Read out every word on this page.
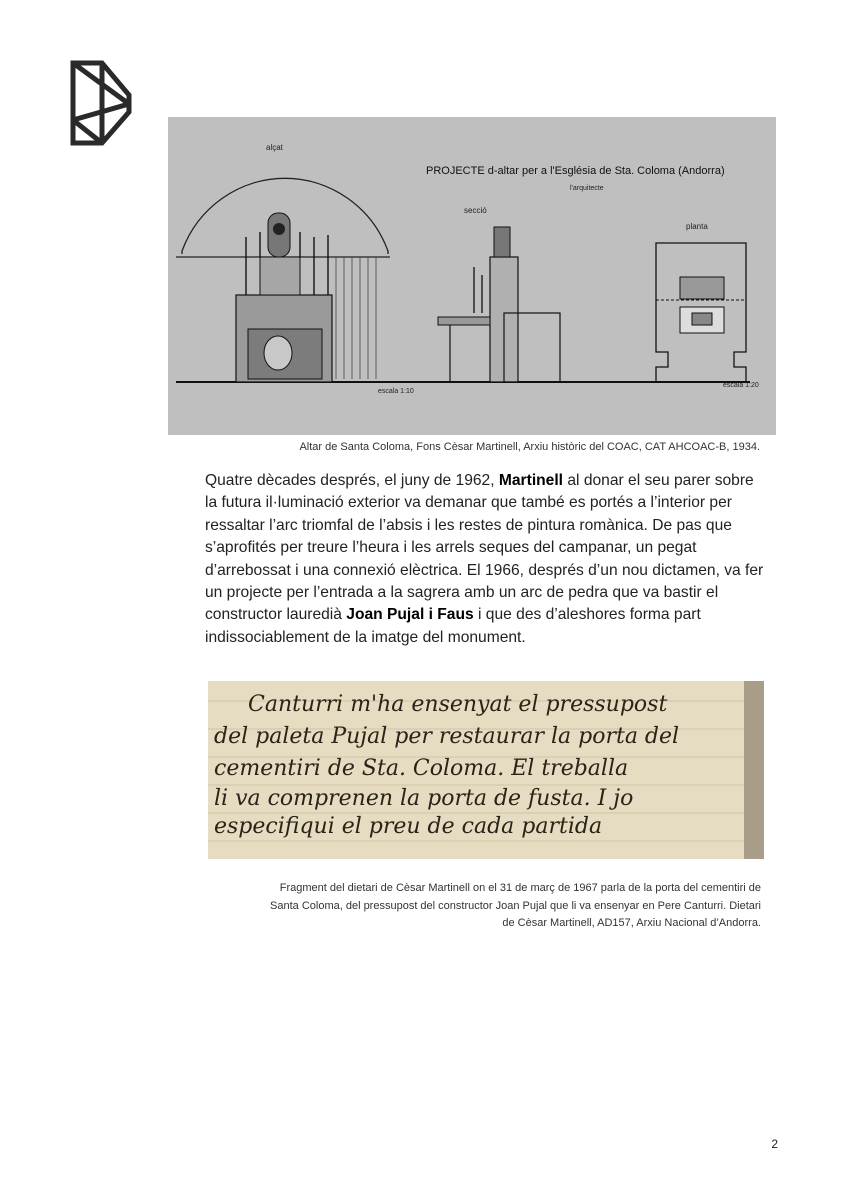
PROJECTE d-altar per a l'Església de Sta. Coloma (Andorra)
l'arquitecte
alçat
secció
planta
escala 1:10
escala 1:20
Altar de Santa Coloma, Fons Cèsar Martinell, Arxiu històric del COAC, CAT AHCOAC-B, 1934.
Quatre dècades després, el juny de 1962, Martinell al donar el seu parer sobre la futura il·luminació exterior va demanar que també es portés a l’interior per ressaltar l’arc triomfal de l’absis i les restes de pintura romànica. De pas que s’aprofités per treure l’heura i les arrels seques del campanar, un pegat d’arrebossat i una connexió elèctrica. El 1966, després d’un nou dictamen, va fer un projecte per l’entrada a la sagrera amb un arc de pedra que va bastir el constructor lauredià Joan Pujal i Faus i que des d’aleshores forma part indissociablement de la imatge del monument.
Canturri m'ha ensenyat el pressupost
del paleta Pujal per restaurar la porta del
cementiri de Sta. Coloma. El treballa
li va comprenen la porta de fusta. I jo
especifiqui el preu de cada partida
Fragment del dietari de Cèsar Martinell on el 31 de març de 1967 parla de la porta del cementiri de
Santa Coloma, del pressupost del constructor Joan Pujal que li va ensenyar en Pere Canturri. Dietari
de Cèsar Martinell, AD157, Arxiu Nacional d’Andorra.
2
